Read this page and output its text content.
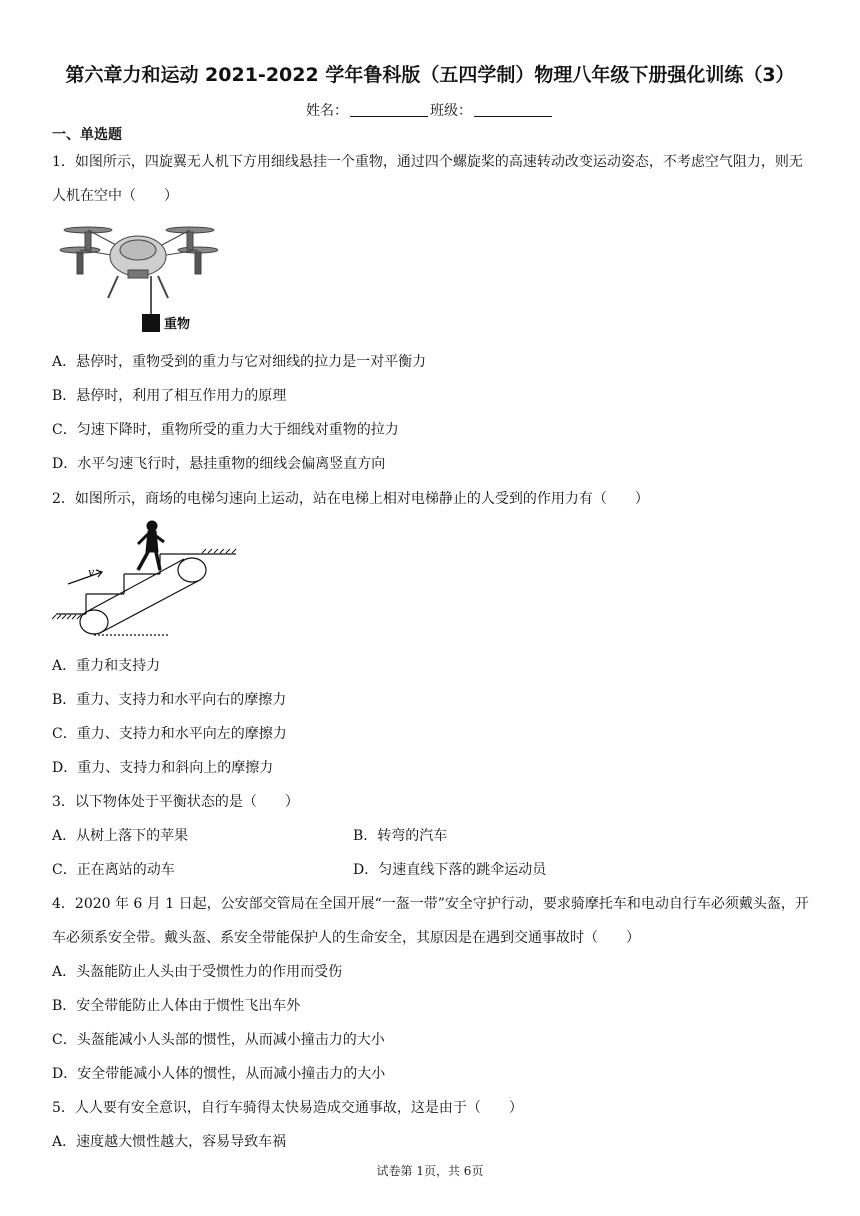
第六章力和运动 2021-2022 学年鲁科版（五四学制）物理八年级下册强化训练（3）
姓名：	班级：
一、单选题
1．如图所示，四旋翼无人机下方用细线悬挂一个重物，通过四个螺旋桨的高速转动改变运动姿态，不考虑空气阻力，则无人机在空中（　　）
重物
A．悬停时，重物受到的重力与它对细线的拉力是一对平衡力
B．悬停时，利用了相互作用力的原理
C．匀速下降时，重物所受的重力大于细线对重物的拉力
D．水平匀速飞行时，悬挂重物的细线会偏离竖直方向
2．如图所示，商场的电梯匀速向上运动，站在电梯上相对电梯静止的人受到的作用力有（　　）
v
A．重力和支持力
B．重力、支持力和水平向右的摩擦力
C．重力、支持力和水平向左的摩擦力
D．重力、支持力和斜向上的摩擦力
3．以下物体处于平衡状态的是（　　）
A．从树上落下的苹果	B．转弯的汽车
C．正在离站的动车	D．匀速直线下落的跳伞运动员
4．2020 年 6 月 1 日起，公安部交管局在全国开展“一盔一带”安全守护行动，要求骑摩托车和电动自行车必须戴头盔，开车必须系安全带。戴头盔、系安全带能保护人的生命安全，其原因是在遇到交通事故时（　　）
A．头盔能防止人头由于受惯性力的作用而受伤
B．安全带能防止人体由于惯性飞出车外
C．头盔能减小人头部的惯性，从而减小撞击力的大小
D．安全带能减小人体的惯性，从而减小撞击力的大小
5．人人要有安全意识，自行车骑得太快易造成交通事故，这是由于（　　）
A．速度越大惯性越大，容易导致车祸
试卷第 1页，共 6页
